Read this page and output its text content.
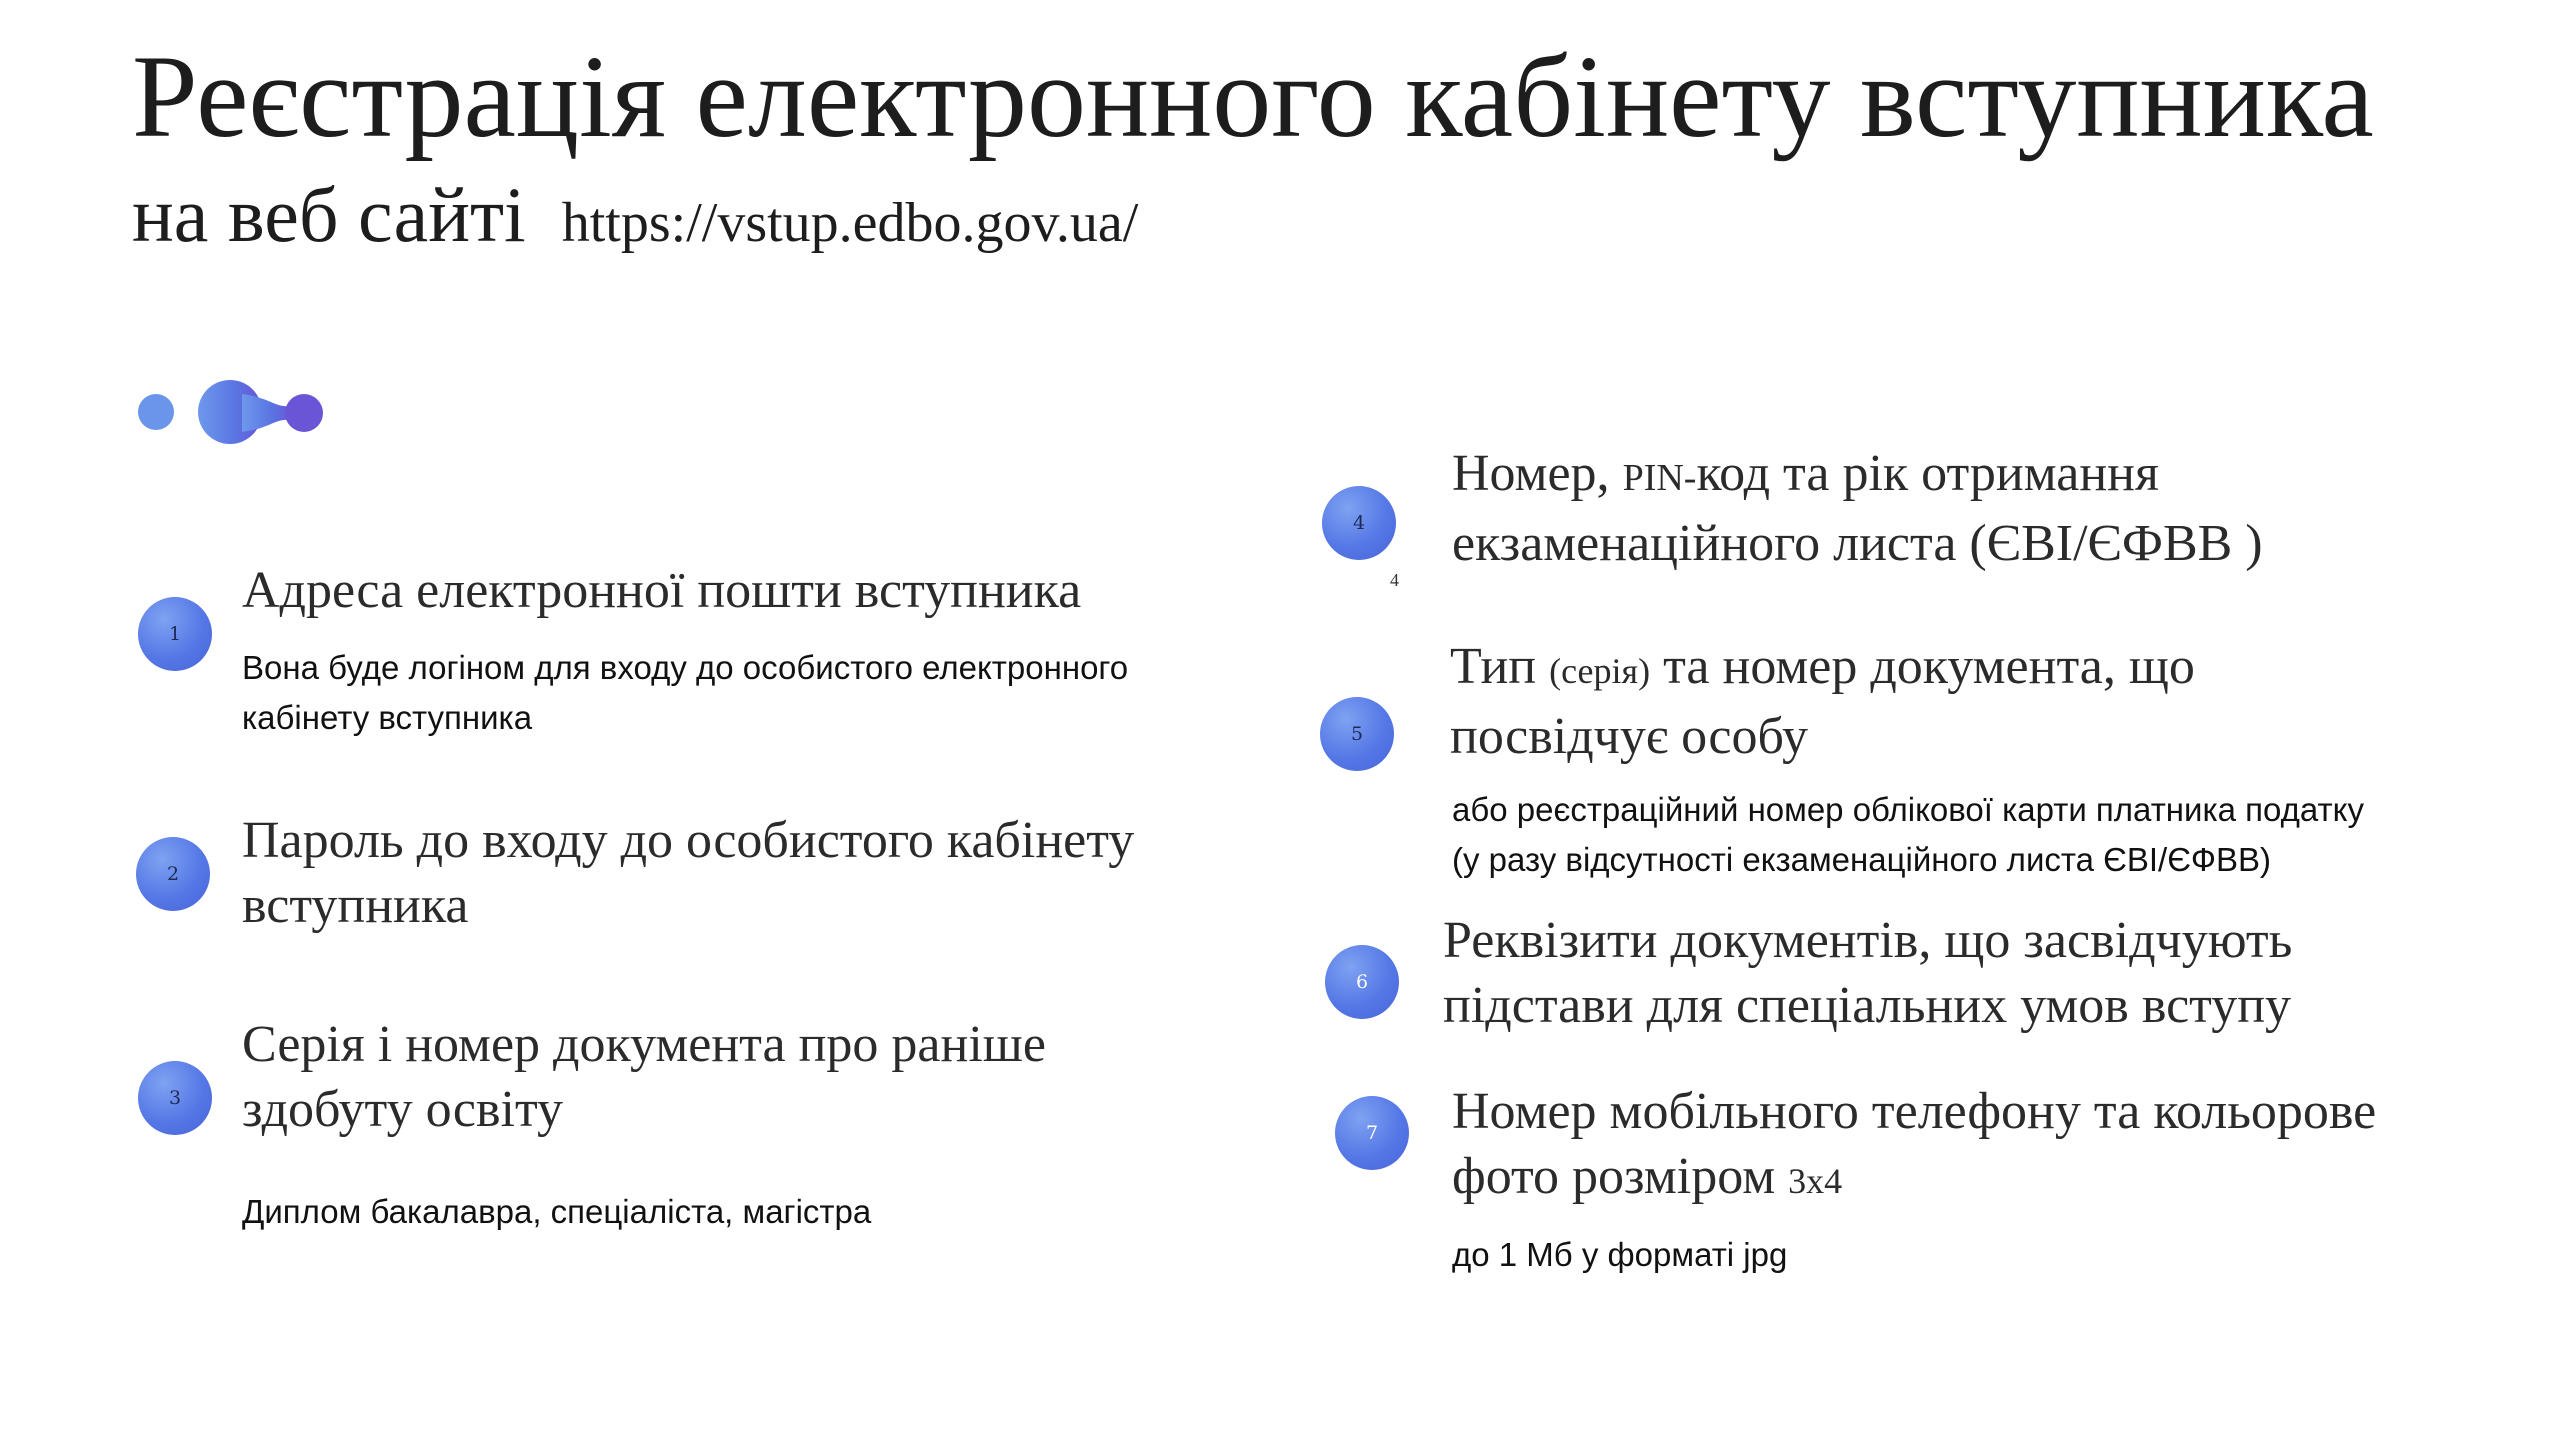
Реєстрація електронного кабінету вступника
на веб сайті https://vstup.edbo.gov.ua/
1
Адреса електронної пошти вступника

Вона буде логіном для входу до особистого електронного
кабінету вступника

2
Пароль до входу до особистого кабінету
вступника
3
Серія і номер документа про раніше
здобуту освіту

Диплом бакалавра, спеціаліста, магістра

4
Номер, PIN-код та рік отримання
екзаменаційного листа (ЄВІ/ЄФВВ )
4
5
Тип (серія) та номер документа, що
посвідчує особу

або реєстраційний номер облікової карти платника податку
(у разу відсутності екзаменаційного листа ЄВІ/ЄФВВ)

6
Реквізити документів, що засвідчують
підстави для спеціальних умов вступу
7	Номер мобільного телефону та кольорове
фото розміром 3х4

до 1 Мб у форматі jpg
